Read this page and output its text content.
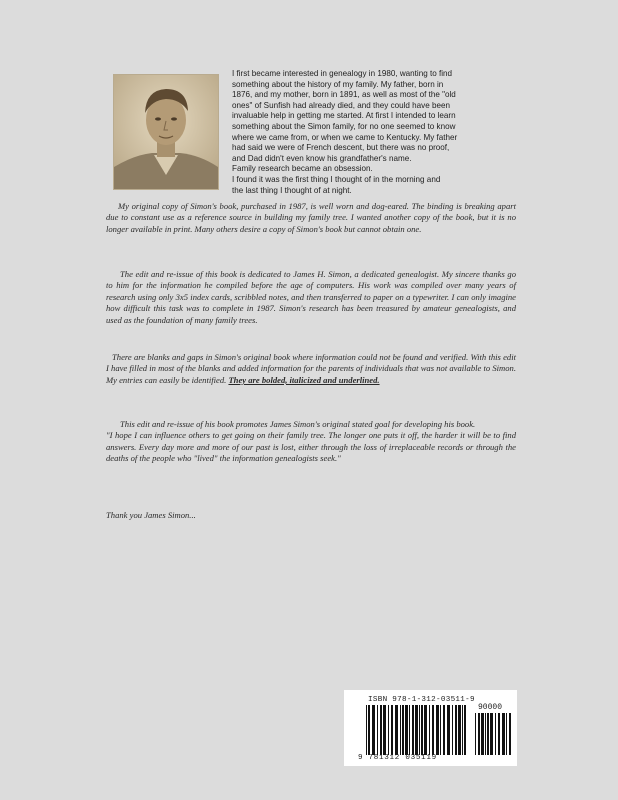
I first became interested in genealogy in 1980, wanting to find

something about the history of my family. My father, born in

1876, and my mother, born in 1891, as well as most of the "old

ones" of Sunfish had already died, and they could have been

invaluable help in getting me started. At first I intended to learn

something about the Simon family, for no one seemed to know

where we came from, or when we came to Kentucky. My father

had said we were of French descent, but there was no proof,

and Dad didn't even know his grandfather's name.

Family research became an obsession.

I found it was the first thing I thought of in the morning and

the last thing I thought of at night.

My original copy of Simon's book, purchased in 1987, is well worn and dog-eared. The binding is breaking apart due to constant use as a reference source in building my family tree. I wanted another copy of the book, but it is no longer available in print. Many others desire a copy of Simon's book but cannot obtain one.

The edit and re-issue of this book is dedicated to James H. Simon, a dedicated genealogist. My sincere thanks go to him for the information he compiled before the age of computers. His work was compiled over many years of research using only 3x5 index cards, scribbled notes, and then transferred to paper on a typewriter. I can only imagine how difficult this task was to complete in 1987. Simon's research has been treasured by amateur genealogists, and used as the foundation of many family trees.

There are blanks and gaps in Simon's original book where information could not be found and verified. With this edit I have filled in most of the blanks and added information for the parents of individuals that was not available to Simon. My entries can easily be identified. They are bolded, italicized and underlined.

This edit and re-issue of his book promotes James Simon's original stated goal for developing his book.

"I hope I can influence others to get going on their family tree. The longer one puts it off, the harder it will be to find answers. Every day more and more of our past is lost, either through the loss of irreplaceable records or through the deaths of the people who "lived" the information genealogists seek."

Thank you James Simon...

ISBN 978-1-312-03511-9
90000
9 781312 035119
